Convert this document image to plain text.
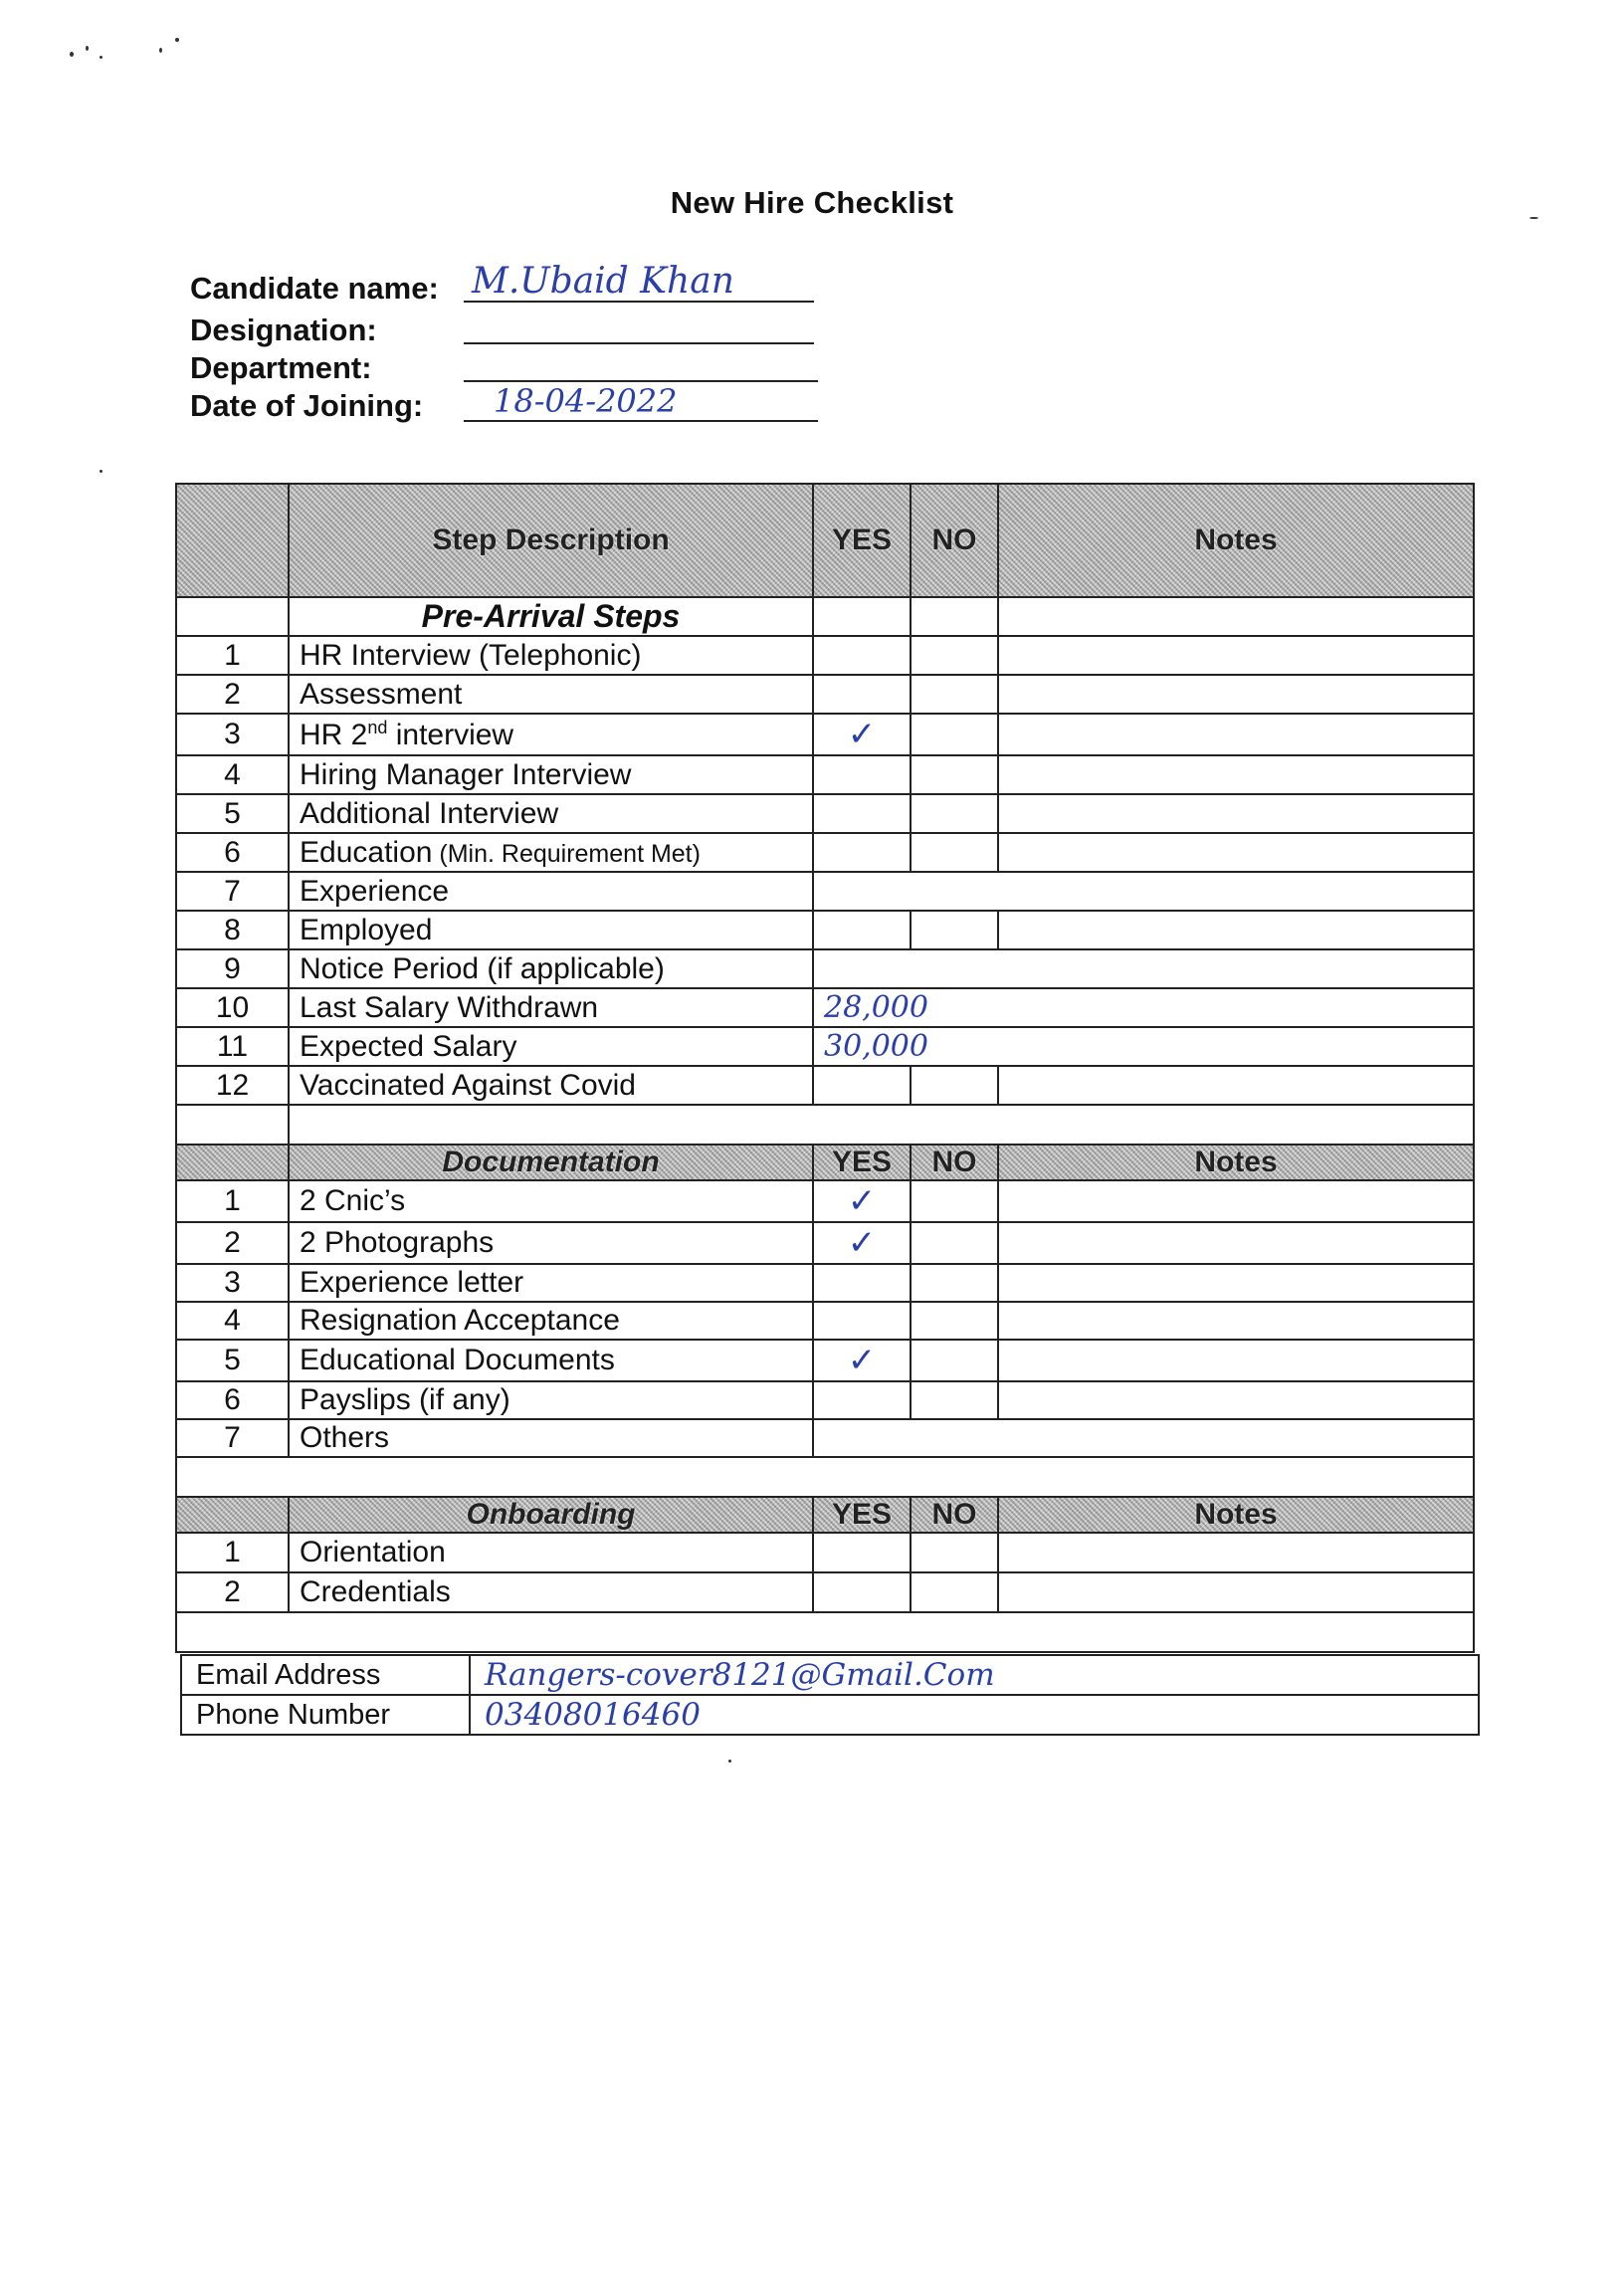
New Hire Checklist
Candidate name: M.Ubaid Khan
Designation:
Department:
Date of Joining: 18-04-2022
	Step Description	YES	NO	Notes
	Pre-Arrival Steps			
1	HR Interview (Telephonic)			
2	Assessment			
3	HR 2nd interview	✓		
4	Hiring Manager Interview			
5	Additional Interview			
6	Education (Min. Requirement Met)			
7	Experience			
8	Employed			
9	Notice Period (if applicable)			
10	Last Salary Withdrawn	28,000		
11	Expected Salary	30,000		
12	Vaccinated Against Covid			

	Documentation	YES	NO	Notes
1	2 Cnic’s	✓		
2	2 Photographs	✓		
3	Experience letter			
4	Resignation Acceptance			
5	Educational Documents	✓		
6	Payslips (if any)			
7	Others			

	Onboarding	YES	NO	Notes
1	Orientation			
2	Credentials			

Email Address	Rangers-cover8121@Gmail.Com
Phone Number	03408016460
